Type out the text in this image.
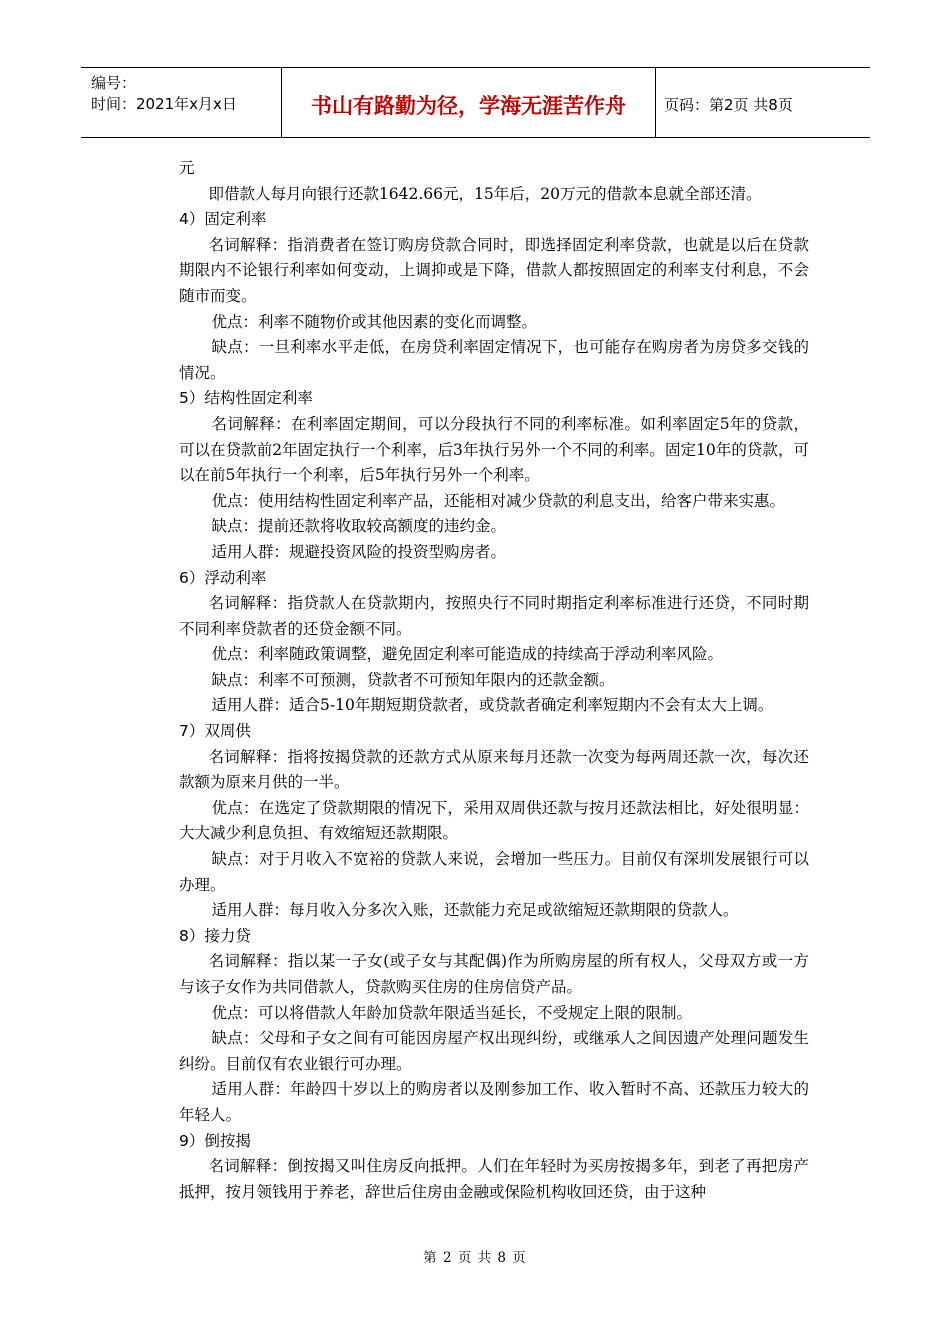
编号：
时间：2021年x月x日	书山有路勤为径，学海无涯苦作舟	页码：第2页 共8页

元

即借款人每月向银行还款1642.66元，15年后，20万元的借款本息就全部还清。

4）固定利率

名词解释：指消费者在签订购房贷款合同时，即选择固定利率贷款，也就是以后在贷款期限内不论银行利率如何变动，上调抑或是下降，借款人都按照固定的利率支付利息，不会随市而变。

优点：利率不随物价或其他因素的变化而调整。

缺点：一旦利率水平走低，在房贷利率固定情况下，也可能存在购房者为房贷多交钱的情况。

5）结构性固定利率

名词解释：在利率固定期间，可以分段执行不同的利率标准。如利率固定5年的贷款，可以在贷款前2年固定执行一个利率，后3年执行另外一个不同的利率。固定10年的贷款，可以在前5年执行一个利率，后5年执行另外一个利率。

优点：使用结构性固定利率产品，还能相对减少贷款的利息支出，给客户带来实惠。

缺点：提前还款将收取较高额度的违约金。

适用人群：规避投资风险的投资型购房者。

6）浮动利率

名词解释：指贷款人在贷款期内，按照央行不同时期指定利率标准进行还贷，不同时期不同利率贷款者的还贷金额不同。

优点：利率随政策调整，避免固定利率可能造成的持续高于浮动利率风险。

缺点：利率不可预测，贷款者不可预知年限内的还款金额。

适用人群：适合5-10年期短期贷款者，或贷款者确定利率短期内不会有太大上调。

7）双周供

名词解释：指将按揭贷款的还款方式从原来每月还款一次变为每两周还款一次，每次还款额为原来月供的一半。

优点：在选定了贷款期限的情况下，采用双周供还款与按月还款法相比，好处很明显：大大减少利息负担、有效缩短还款期限。

缺点：对于月收入不宽裕的贷款人来说，会增加一些压力。目前仅有深圳发展银行可以办理。

适用人群：每月收入分多次入账，还款能力充足或欲缩短还款期限的贷款人。

8）接力贷

名词解释：指以某一子女(或子女与其配偶)作为所购房屋的所有权人，父母双方或一方与该子女作为共同借款人，贷款购买住房的住房信贷产品。

优点：可以将借款人年龄加贷款年限适当延长，不受规定上限的限制。

缺点：父母和子女之间有可能因房屋产权出现纠纷，或继承人之间因遗产处理问题发生纠纷。目前仅有农业银行可办理。

适用人群：年龄四十岁以上的购房者以及刚参加工作、收入暂时不高、还款压力较大的年轻人。

9）倒按揭

名词解释：倒按揭又叫住房反向抵押。人们在年轻时为买房按揭多年，到老了再把房产抵押，按月领钱用于养老，辞世后住房由金融或保险机构收回还贷，由于这种

第 2 页 共 8 页
